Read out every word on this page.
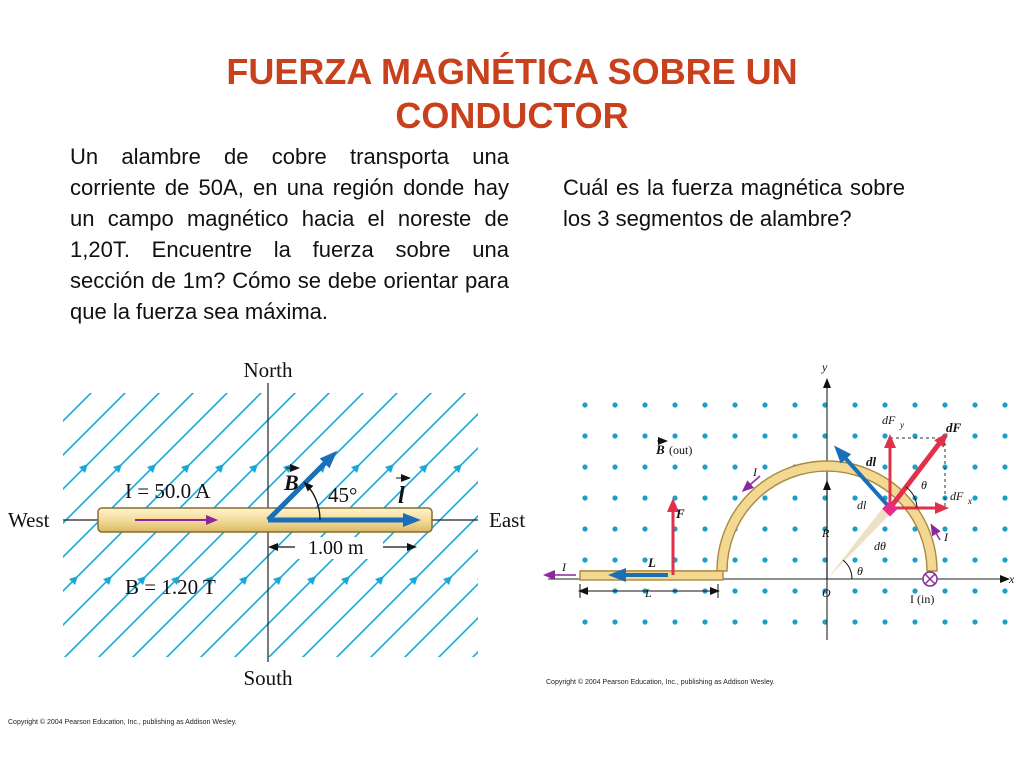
FUERZA MAGNÉTICA SOBRE UN CONDUCTOR
Un alambre de cobre transporta una corriente de 50A, en una región donde hay un campo magnético hacia el noreste de 1,20T. Encuentre la fuerza sobre una sección de 1m? Cómo se debe orientar para que la fuerza sea máxima.
Cuál es la fuerza magnética sobre los 3 segmentos de alambre?
North
South
West	East
I = 50.0 A
B = 1.20 T
B
l
45°
1.00 m
y
x
B (out)
I
I
I
F
L
L
R
O
dl
dl
dθ
θ
θ
dF y	dF
dF x
I (in)
Copyright © 2004 Pearson Education, Inc., publishing as Addison Wesley.
Copyright © 2004 Pearson Education, Inc., publishing as Addison Wesley.
